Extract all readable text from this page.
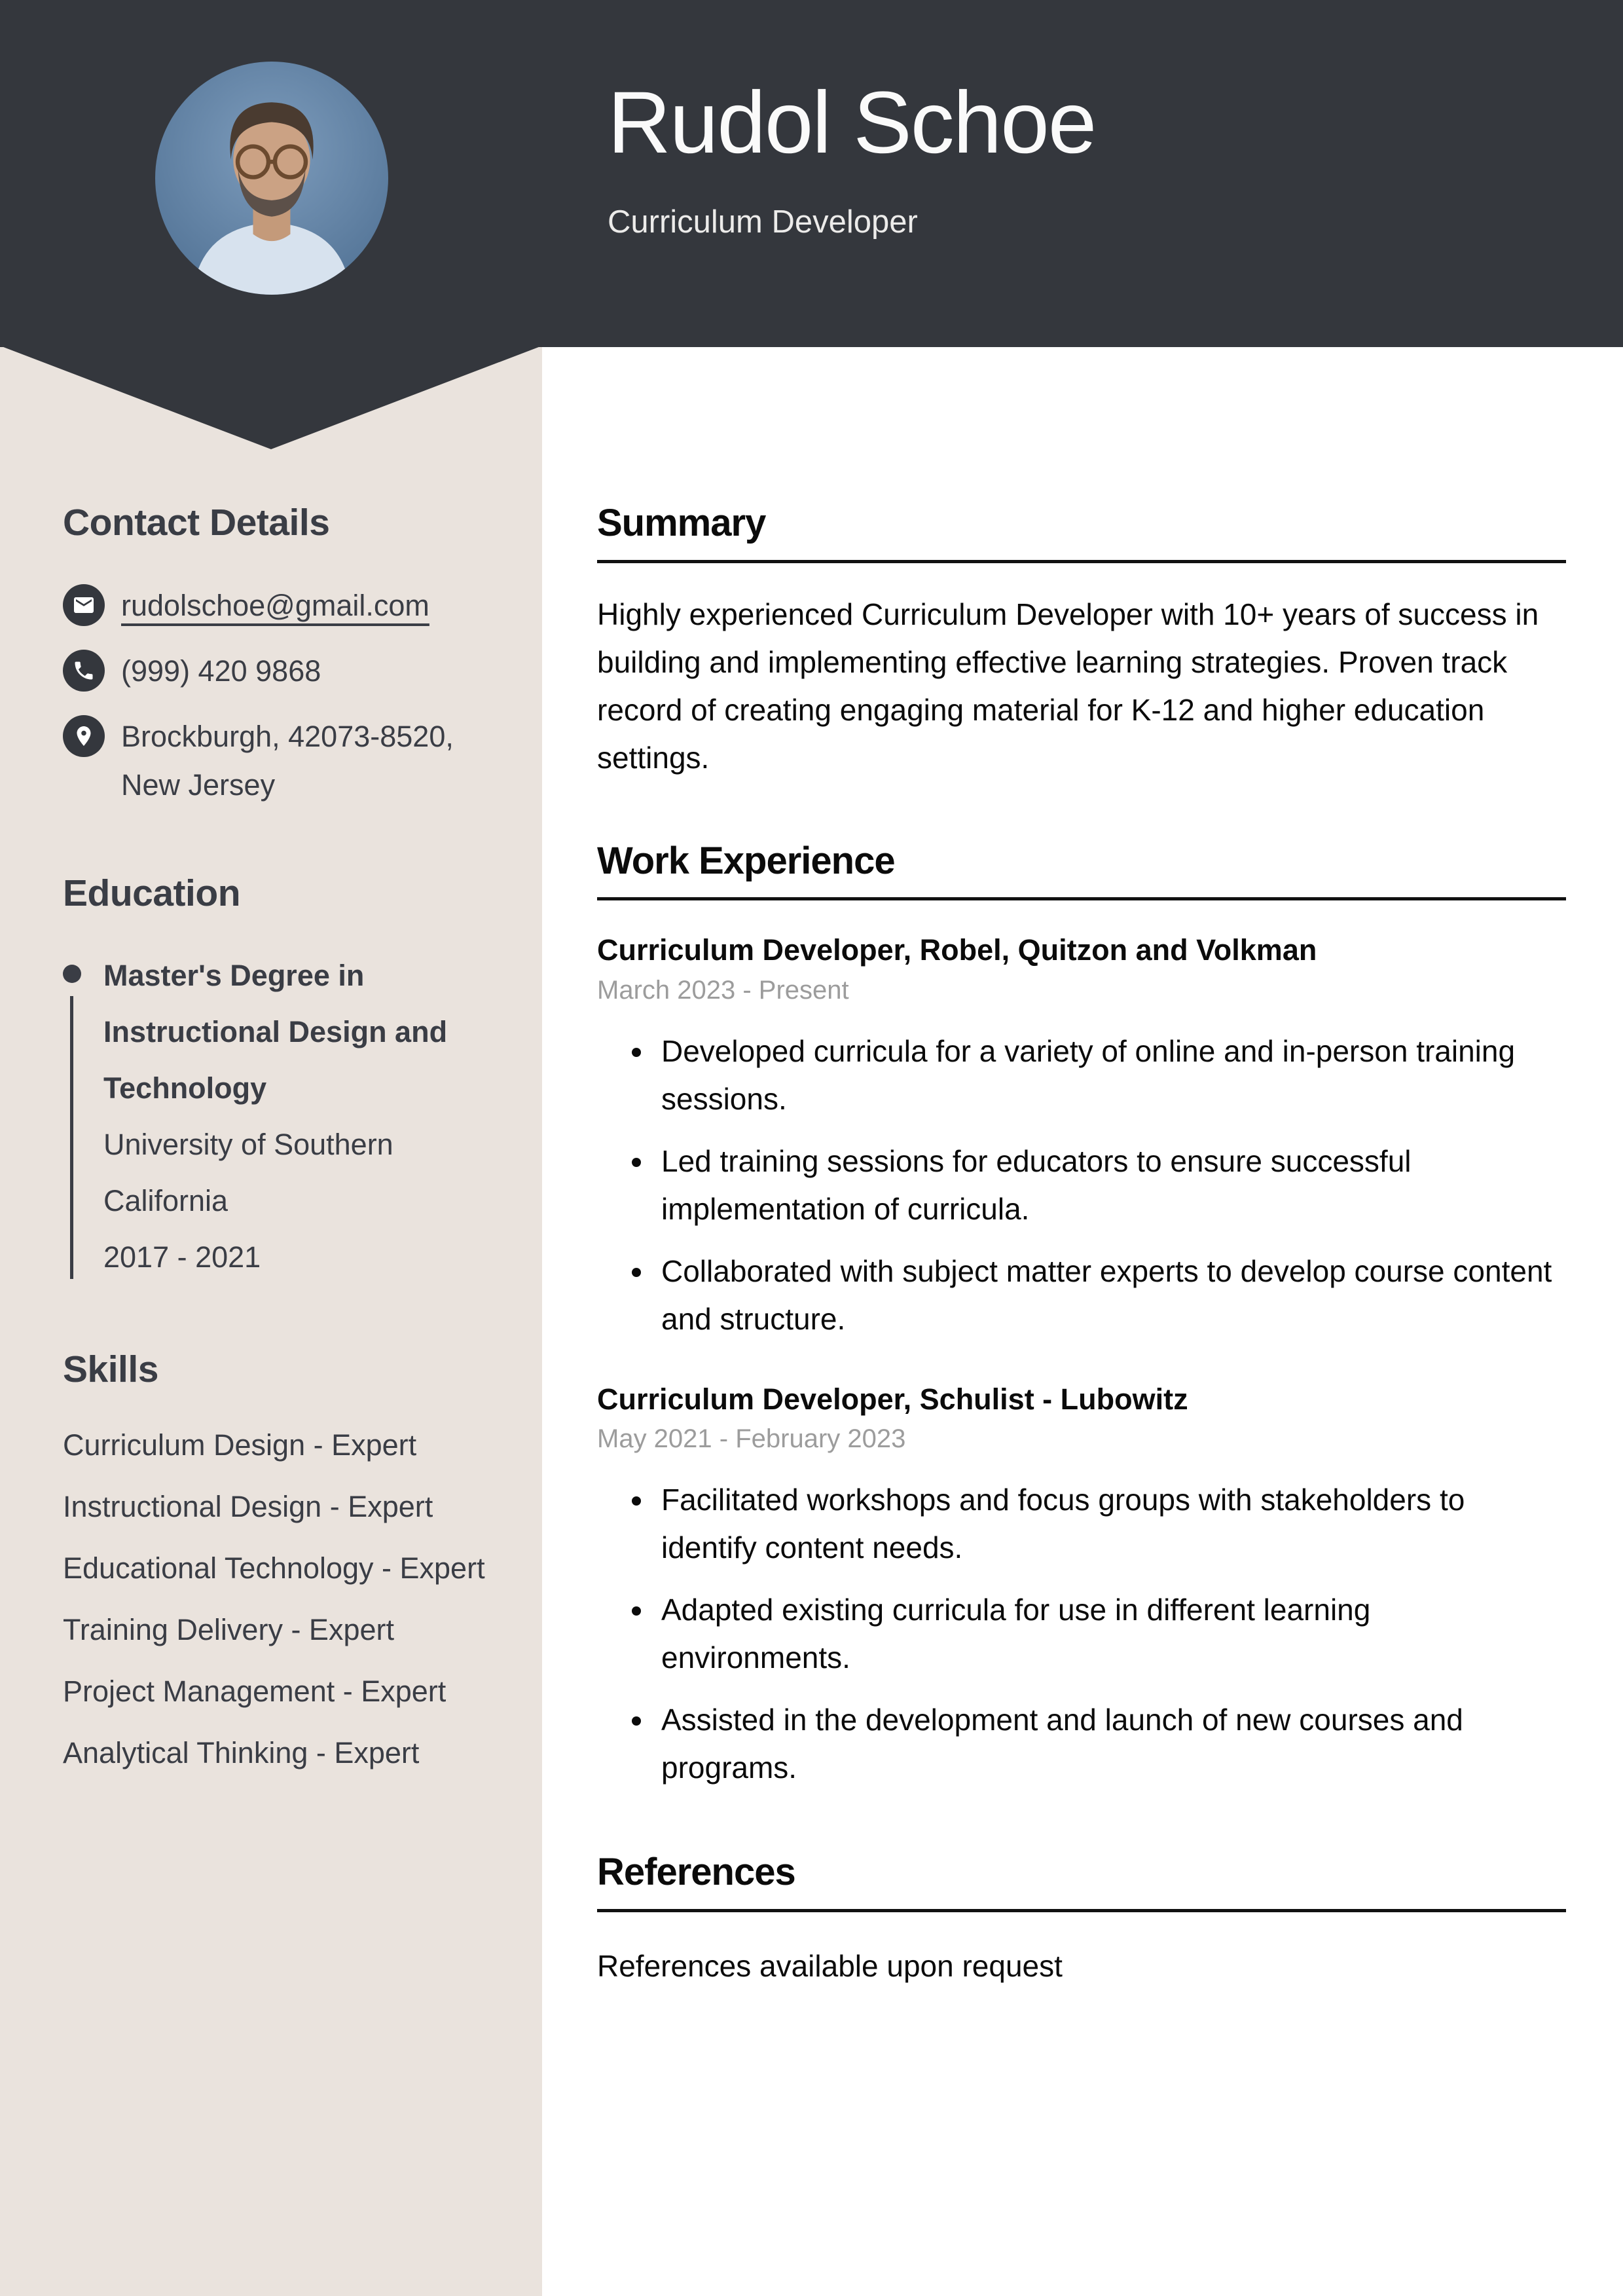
Rudol Schoe
Curriculum Developer
Contact Details
rudolschoe@gmail.com
(999) 420 9868
Brockburgh, 42073-8520, New Jersey
Education
Master's Degree in Instructional Design and Technology
University of Southern California
2017 - 2021
Skills
Curriculum Design - Expert
Instructional Design - Expert
Educational Technology - Expert
Training Delivery - Expert
Project Management - Expert
Analytical Thinking - Expert
Summary

Highly experienced Curriculum Developer with 10+ years of success in building and implementing effective learning strategies. Proven track record of creating engaging material for K-12 and higher education settings.

Work Experience
Curriculum Developer, Robel, Quitzon and Volkman
March 2023 - Present
• Developed curricula for a variety of online and in-person training sessions.
• Led training sessions for educators to ensure successful implementation of curricula.
• Collaborated with subject matter experts to develop course content and structure.
Curriculum Developer, Schulist - Lubowitz
May 2021 - February 2023
• Facilitated workshops and focus groups with stakeholders to identify content needs.
• Adapted existing curricula for use in different learning environments.
• Assisted in the development and launch of new courses and programs.
References

References available upon request
